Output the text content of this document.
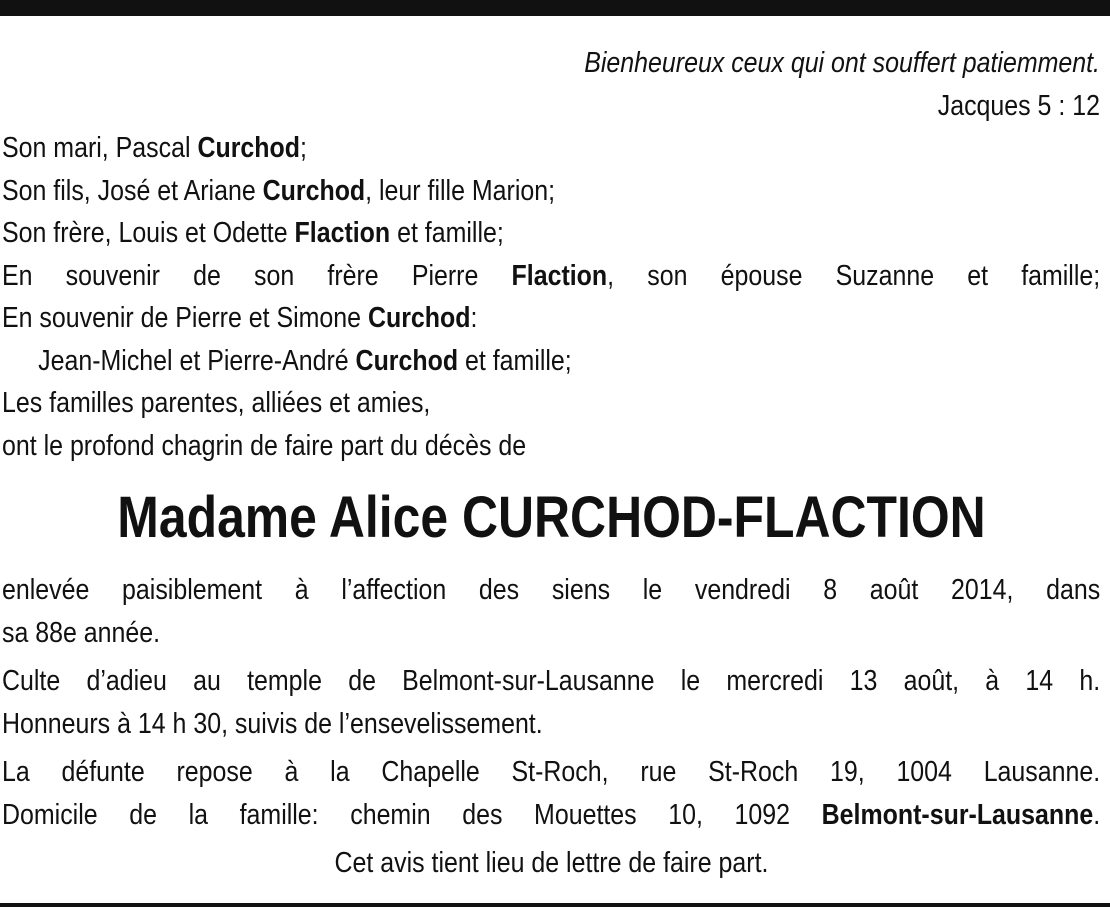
Bienheureux ceux qui ont souffert patiemment.
Jacques 5 : 12
Son mari, Pascal Curchod;
Son fils, José et Ariane Curchod, leur fille Marion;
Son frère, Louis et Odette Flaction et famille;
En souvenir de son frère Pierre Flaction, son épouse Suzanne et famille;
En souvenir de Pierre et Simone Curchod:
Jean-Michel et Pierre-André Curchod et famille;
Les familles parentes, alliées et amies,
ont le profond chagrin de faire part du décès de
Madame Alice CURCHOD-FLACTION
enlevée paisiblement à l’affection des siens le vendredi 8 août 2014, dans
sa 88e année.
Culte d’adieu au temple de Belmont-sur-Lausanne le mercredi 13 août, à 14 h.
Honneurs à 14 h 30, suivis de l’ensevelissement.
La défunte repose à la Chapelle St-Roch, rue St-Roch 19, 1004 Lausanne.
Domicile de la famille: chemin des Mouettes 10, 1092 Belmont-sur-Lausanne.
Cet avis tient lieu de lettre de faire part.
